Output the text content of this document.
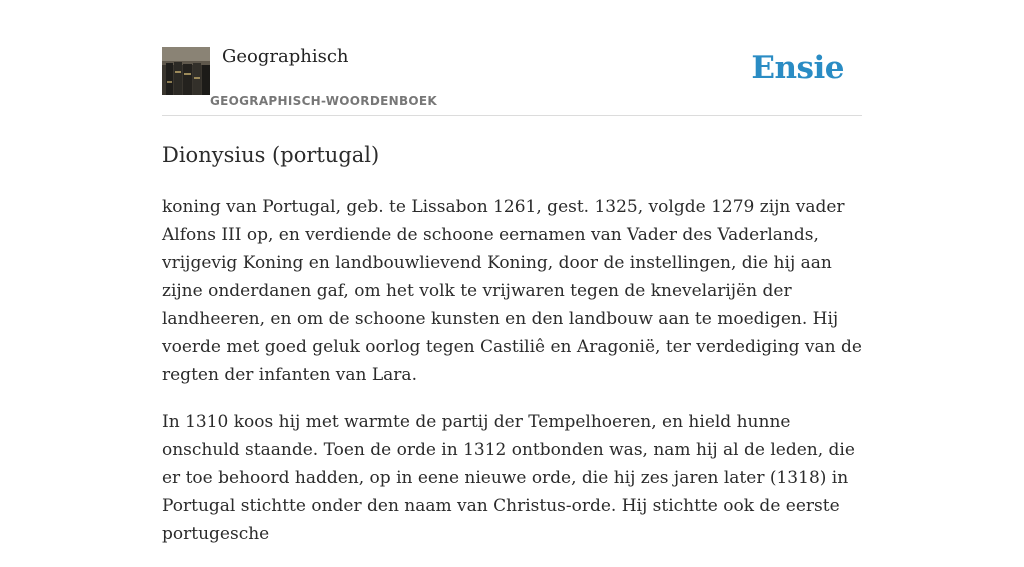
Geographisch
GEOGRAPHISCH-WOORDENBOEK
Ensie
Dionysius (portugal)

koning van Portugal, geb. te Lissabon 1261, gest. 1325, volgde 1279 zijn vader Alfons III op, en verdiende de schoone eernamen van Vader des Vaderlands, vrijgevig Koning en landbouwlievend Koning, door de instellingen, die hij aan zijne onderdanen gaf, om het volk te vrijwaren tegen de knevelarijën der landheeren, en om de schoone kunsten en den landbouw aan te moedigen. Hij voerde met goed geluk oorlog tegen Castiliê en Aragonië, ter verdediging van de regten der infanten van Lara.

In 1310 koos hij met warmte de partij der Tempelhoeren, en hield hunne onschuld staande. Toen de orde in 1312 ontbonden was, nam hij al de leden, die er toe behoord hadden, op in eene nieuwe orde, die hij zes jaren later (1318) in Portugal stichtte onder den naam van Christus-orde. Hij stichtte ook de eerste portugesche
